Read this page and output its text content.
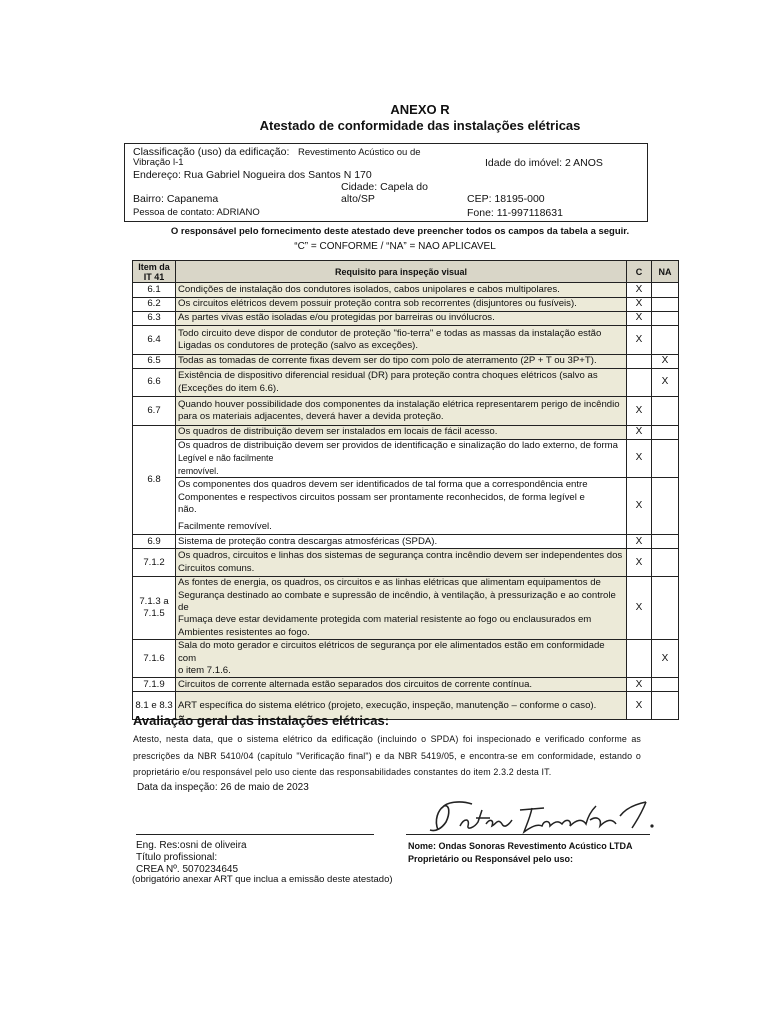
ANEXO R
Atestado de conformidade das instalações elétricas
Classificação (uso) da edificação: Revestimento Acústico ou de
Vibração l-1	Idade do imóvel: 2 ANOS
Endereço: Rua Gabriel Nogueira dos Santos N 170
Cidade: Capela do
alto/SP
Bairro: Capanema	CEP: 18195-000
Pessoa de contato: ADRIANO	Fone: 11-997118631
O responsável pelo fornecimento deste atestado deve preencher todos os campos da tabela a seguir.
“C” = CONFORME / “NA” = NAO APLICAVEL
Item da IT 41	Requisito para inspeção visual	C	NA
6.1	Condições de instalação dos condutores isolados, cabos unipolares e cabos multipolares.	X	
6.2	Os circuitos elétricos devem possuir proteção contra sob recorrentes (disjuntores ou fusíveis).	X	
6.3	As partes vivas estão isoladas e/ou protegidas por barreiras ou invólucros.	X	
6.4	Todo circuito deve dispor de condutor de proteção "fio-terra" e todas as massas da instalação estão
Ligadas os condutores de proteção (salvo as exceções).	X	
6.5	Todas as tomadas de corrente fixas devem ser do tipo com polo de aterramento (2P + T ou 3P+T).		X
6.6	Existência de dispositivo diferencial residual (DR) para proteção contra choques elétricos (salvo as
(Exceções do item 6.6).		X
6.7	Quando houver possibilidade dos componentes da instalação elétrica representarem perigo de incêndio
para os materiais adjacentes, deverá haver a devida proteção.	X	
6.8	Os quadros de distribuição devem ser instalados em locais de fácil acesso.	X	

	Os quadros de distribuição devem ser providos de identificação e sinalização do lado externo, de forma
Legível e não facilmente
removível.	X	

	Os componentes dos quadros devem ser identificados de tal forma que a correspondência entre
Componentes e respectivos circuitos possam ser prontamente reconhecidos, de forma legível e
não.
Facilmente removível.	X	
6.9	Sistema de proteção contra descargas atmosféricas (SPDA).	X	
7.1.2	Os quadros, circuitos e linhas dos sistemas de segurança contra incêndio devem ser independentes dos
Circuitos comuns.	X	
7.1.3 a 7.1.5	As fontes de energia, os quadros, os circuitos e as linhas elétricas que alimentam equipamentos de
Segurança destinado ao combate e supressão de incêndio, à ventilação, à pressurização e ao controle de
Fumaça deve estar devidamente protegida com material resistente ao fogo ou enclausurados em
Ambientes resistentes ao fogo.	X	
7.1.6	Sala do moto gerador e circuitos elétricos de segurança por ele alimentados estão em conformidade com
o item 7.1.6.		X
7.1.9	Circuitos de corrente alternada estão separados dos circuitos de corrente contínua.	X	
8.1 e 8.3	ART específica do sistema elétrico (projeto, execução, inspeção, manutenção – conforme o caso).	X	
Avaliação geral das instalações elétricas:
Atesto, nesta data, que o sistema elétrico da edificação (incluindo o SPDA) foi inspecionado e verificado conforme as prescrições da NBR 5410/04 (capítulo "Verificação final") e da NBR 5419/05, e encontra-se em conformidade, estando o proprietário e/ou responsável pelo uso ciente das responsabilidades constantes do item 2.3.2 desta IT.
Data da inspeção: 26 de maio de 2023
Eng. Res:osni de oliveira
Título profissional:
CREA Nº. 5070234645
(obrigatório anexar ART que inclua a emissão deste atestado)
Nome: Ondas Sonoras Revestimento Acústico LTDA
Proprietário ou Responsável pelo uso:
